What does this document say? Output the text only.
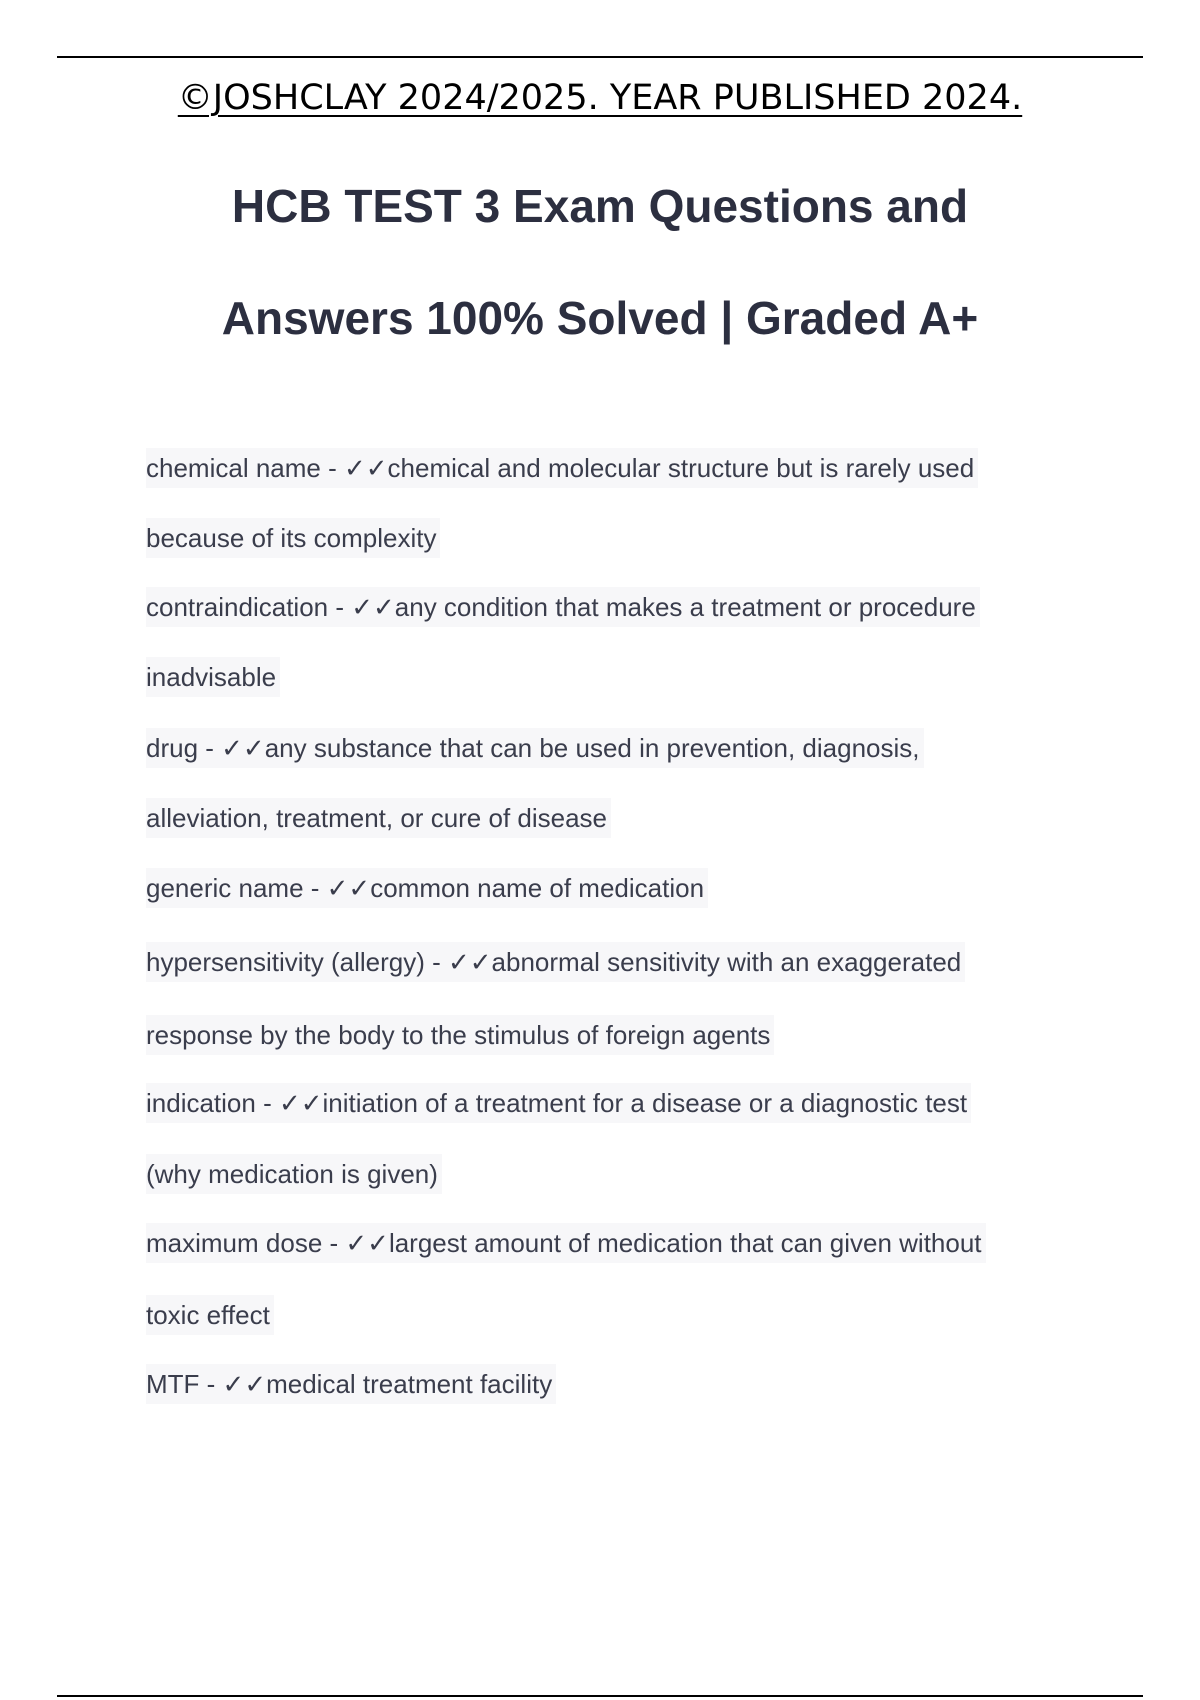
©JOSHCLAY 2024/2025. YEAR PUBLISHED 2024.
HCB TEST 3 Exam Questions and
Answers 100% Solved | Graded A+
chemical name - ✓✓chemical and molecular structure but is rarely used
because of its complexity
contraindication - ✓✓any condition that makes a treatment or procedure
inadvisable
drug - ✓✓any substance that can be used in prevention, diagnosis,
alleviation, treatment, or cure of disease
generic name - ✓✓common name of medication
hypersensitivity (allergy) - ✓✓abnormal sensitivity with an exaggerated
response by the body to the stimulus of foreign agents
indication - ✓✓initiation of a treatment for a disease or a diagnostic test
(why medication is given)
maximum dose - ✓✓largest amount of medication that can given without
toxic effect
MTF - ✓✓medical treatment facility
